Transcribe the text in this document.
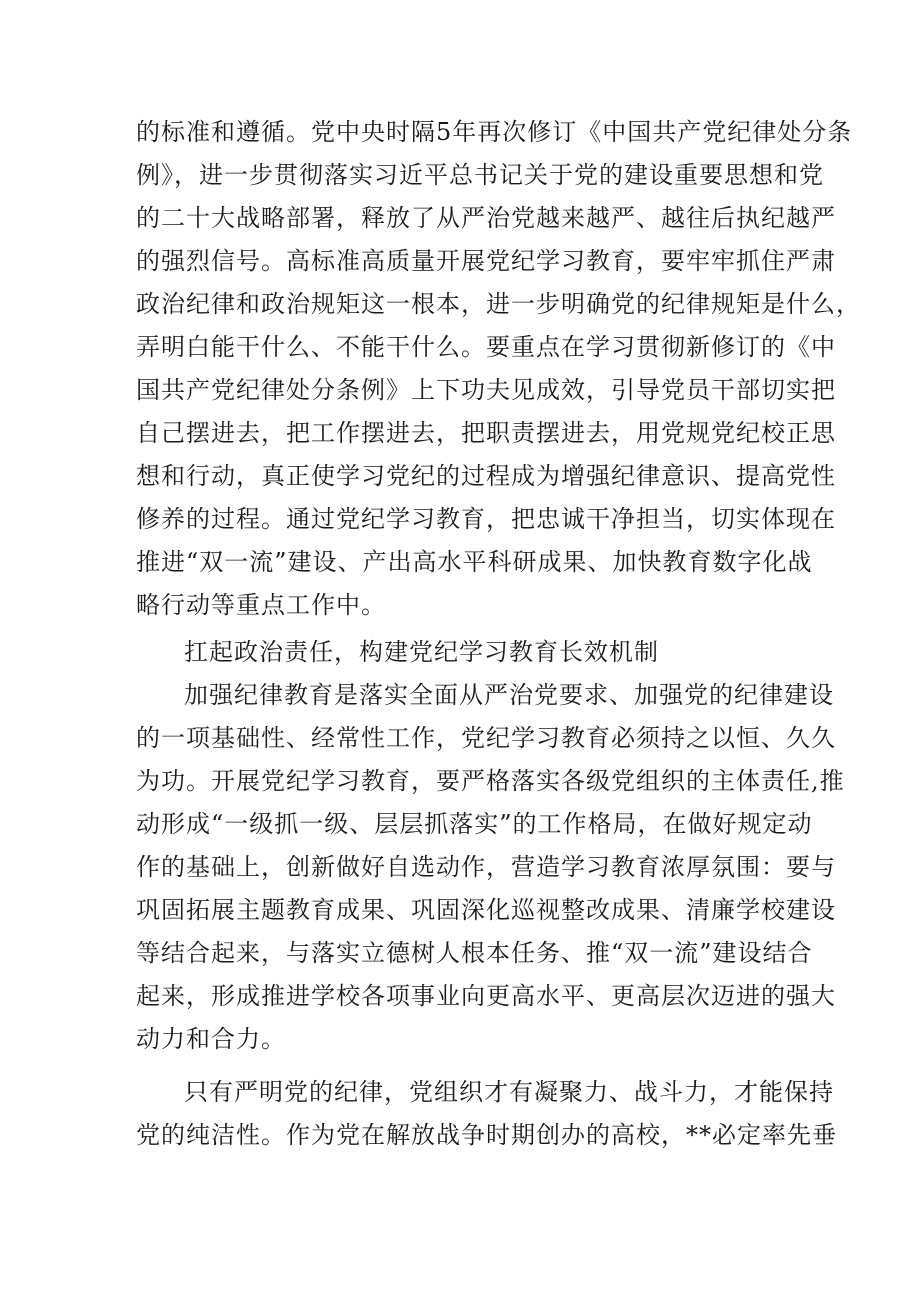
的标准和遵循。党中央时隔5年再次修订《中国共产党纪律处分条
例》，进一步贯彻落实习近平总书记关于党的建设重要思想和党
的二十大战略部署，释放了从严治党越来越严、越往后执纪越严
的强烈信号。高标准高质量开展党纪学习教育，要牢牢抓住严肃
政治纪律和政治规矩这一根本，进一步明确党的纪律规矩是什么，
弄明白能干什么、不能干什么。要重点在学习贯彻新修订的《中
国共产党纪律处分条例》上下功夫见成效，引导党员干部切实把
自己摆进去，把工作摆进去，把职责摆进去，用党规党纪校正思
想和行动，真正使学习党纪的过程成为增强纪律意识、提高党性
修养的过程。通过党纪学习教育，把忠诚干净担当，切实体现在
推进“双一流”建设、产出高水平科研成果、加快教育数字化战
略行动等重点工作中。
扛起政治责任，构建党纪学习教育长效机制
加强纪律教育是落实全面从严治党要求、加强党的纪律建设
的一项基础性、经常性工作，党纪学习教育必须持之以恒、久久
为功。开展党纪学习教育，要严格落实各级党组织的主体责任,推
动形成“一级抓一级、层层抓落实”的工作格局，在做好规定动
作的基础上，创新做好自选动作，营造学习教育浓厚氛围：要与
巩固拓展主题教育成果、巩固深化巡视整改成果、清廉学校建设
等结合起来，与落实立德树人根本任务、推“双一流”建设结合
起来，形成推进学校各项事业向更高水平、更高层次迈进的强大
动力和合力。
只有严明党的纪律，党组织才有凝聚力、战斗力，才能保持
党的纯洁性。作为党在解放战争时期创办的高校，**必定率先垂
